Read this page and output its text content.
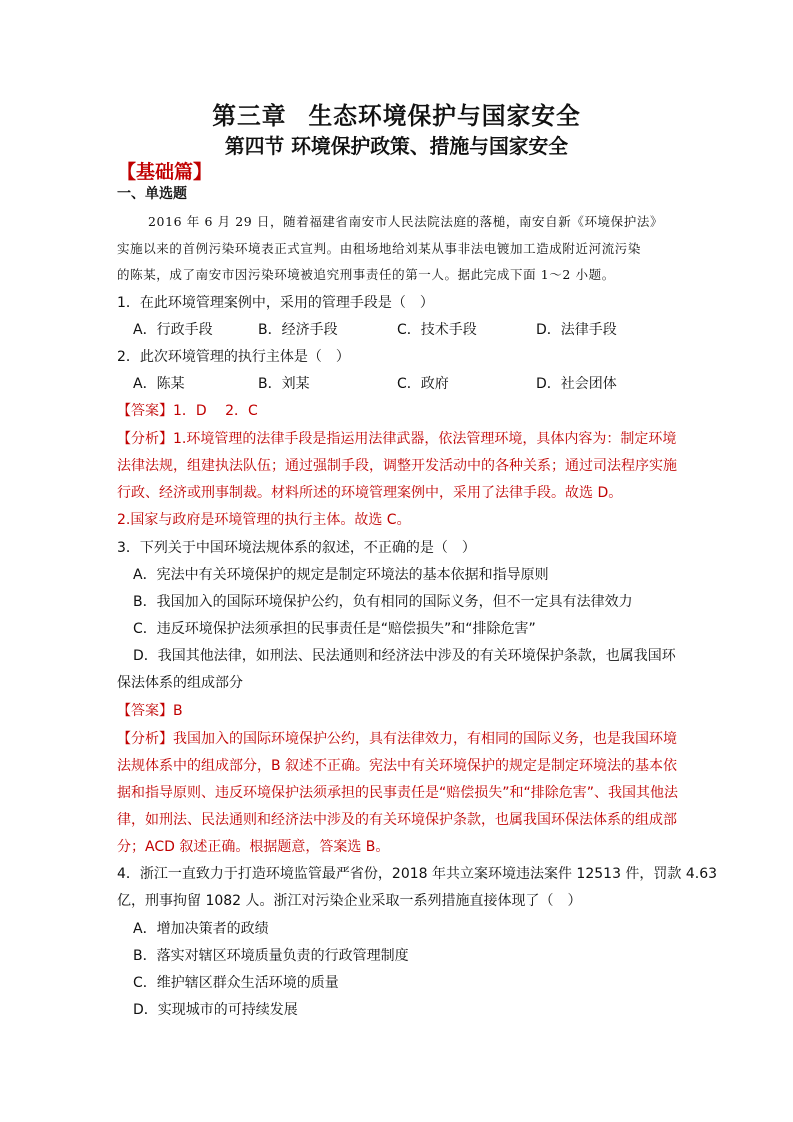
第三章 生态环境保护与国家安全
第四节 环境保护政策、措施与国家安全
【基础篇】
一、单选题
2016 年 6 月 29 日，随着福建省南安市人民法院法庭的落槌，南安自新《环境保护法》
实施以来的首例污染环境表正式宣判。由租场地给刘某从事非法电镀加工造成附近河流污染
的陈某，成了南安市因污染环境被追究刑事责任的第一人。据此完成下面 1～2 小题。
1．在此环境管理案例中，采用的管理手段是（　）
A．行政手段	B．经济手段	C．技术手段	D．法律手段
2．此次环境管理的执行主体是（　）
A．陈某	B．刘某	C．政府	D．社会团体
【答案】1．D　 2．C
【分析】1.环境管理的法律手段是指运用法律武器，依法管理环境，具体内容为：制定环境
法律法规，组建执法队伍；通过强制手段，调整开发活动中的各种关系；通过司法程序实施
行政、经济或刑事制裁。材料所述的环境管理案例中，采用了法律手段。故选 D。
2.国家与政府是环境管理的执行主体。故选 C。
3．下列关于中国环境法规体系的叙述，不正确的是（　）
A．宪法中有关环境保护的规定是制定环境法的基本依据和指导原则
B．我国加入的国际环境保护公约，负有相同的国际义务，但不一定具有法律效力
C．违反环境保护法须承担的民事责任是“赔偿损失”和“排除危害”
D．我国其他法律，如刑法、民法通则和经济法中涉及的有关环境保护条款，也属我国环
保法体系的组成部分
【答案】B
【分析】我国加入的国际环境保护公约，具有法律效力，有相同的国际义务，也是我国环境
法规体系中的组成部分，B 叙述不正确。宪法中有关环境保护的规定是制定环境法的基本依
据和指导原则、违反环境保护法须承担的民事责任是“赔偿损失”和“排除危害”、我国其他法
律，如刑法、民法通则和经济法中涉及的有关环境保护条款，也属我国环保法体系的组成部
分；ACD 叙述正确。根据题意，答案选 B。
4．浙江一直致力于打造环境监管最严省份，2018 年共立案环境违法案件 12513 件，罚款 4.63
亿，刑事拘留 1082 人。浙江对污染企业采取一系列措施直接体现了（　）
A．增加决策者的政绩
B．落实对辖区环境质量负责的行政管理制度
C．维护辖区群众生活环境的质量
D．实现城市的可持续发展
